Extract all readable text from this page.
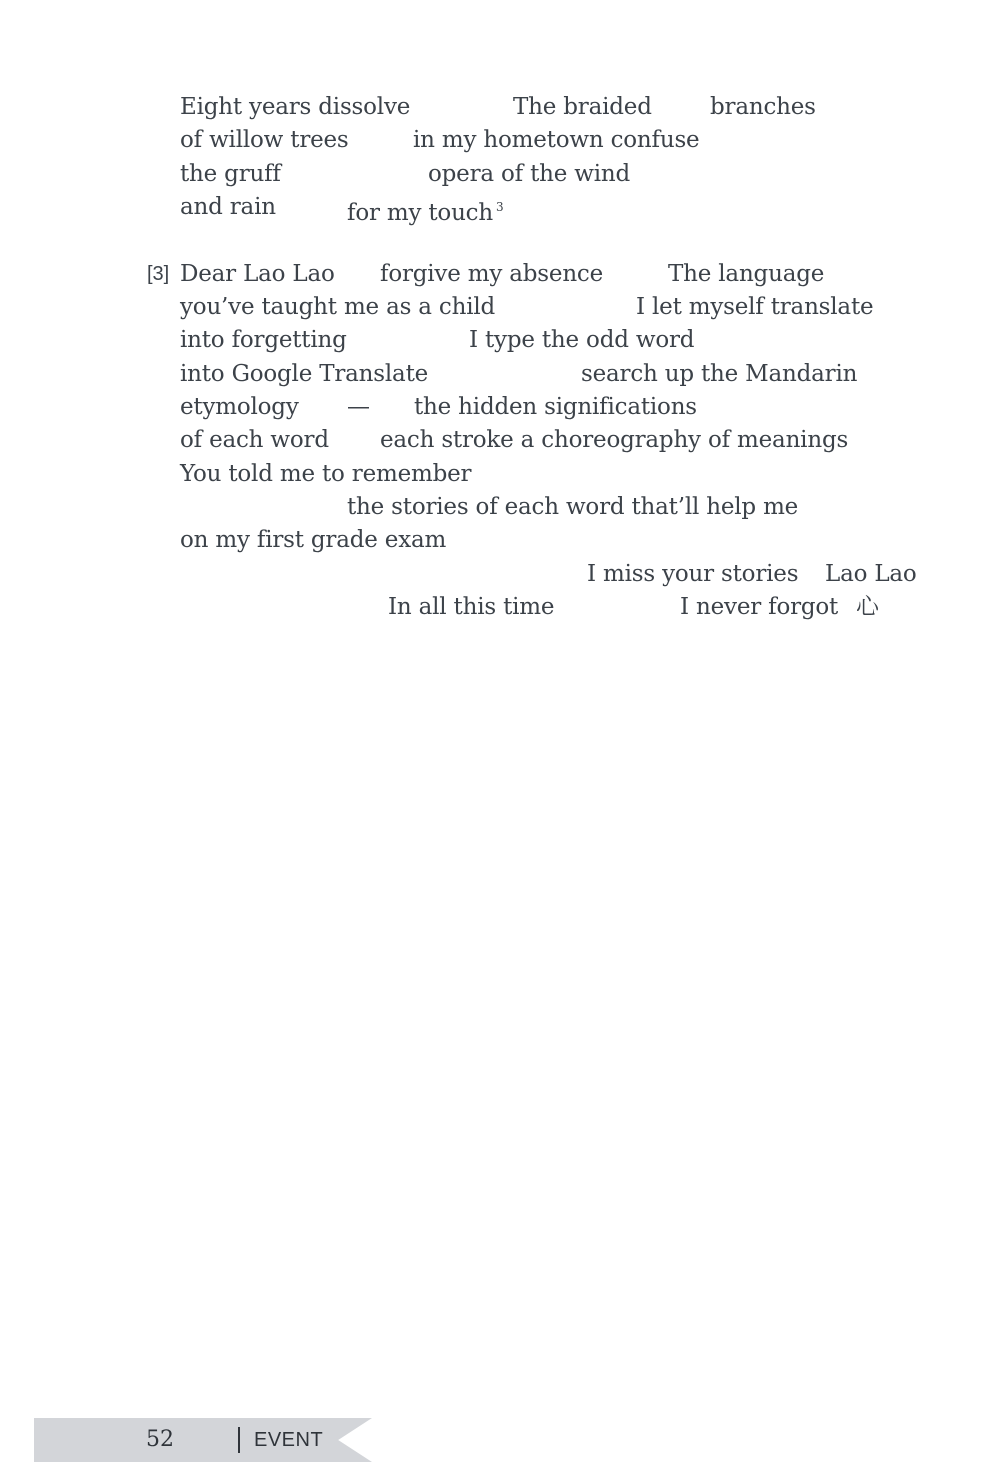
Eight years dissolve	The braided	branches
of willow trees	in my hometown confuse
the gruff	opera of the wind
and rain	for my touch $^3$
[3] Dear Lao Lao forgive my absence	The language
you’ve taught me as a child	I let myself translate
into forgetting	I type the odd word
into Google Translate	search up the Mandarin
etymology — the hidden significations
of each word each stroke a choreography of meanings
You told me to remember
the stories of each word that’ll help me
on my first grade exam
I miss your stories Lao Lao
In all this time	I never forgot 心
52	EVENT
